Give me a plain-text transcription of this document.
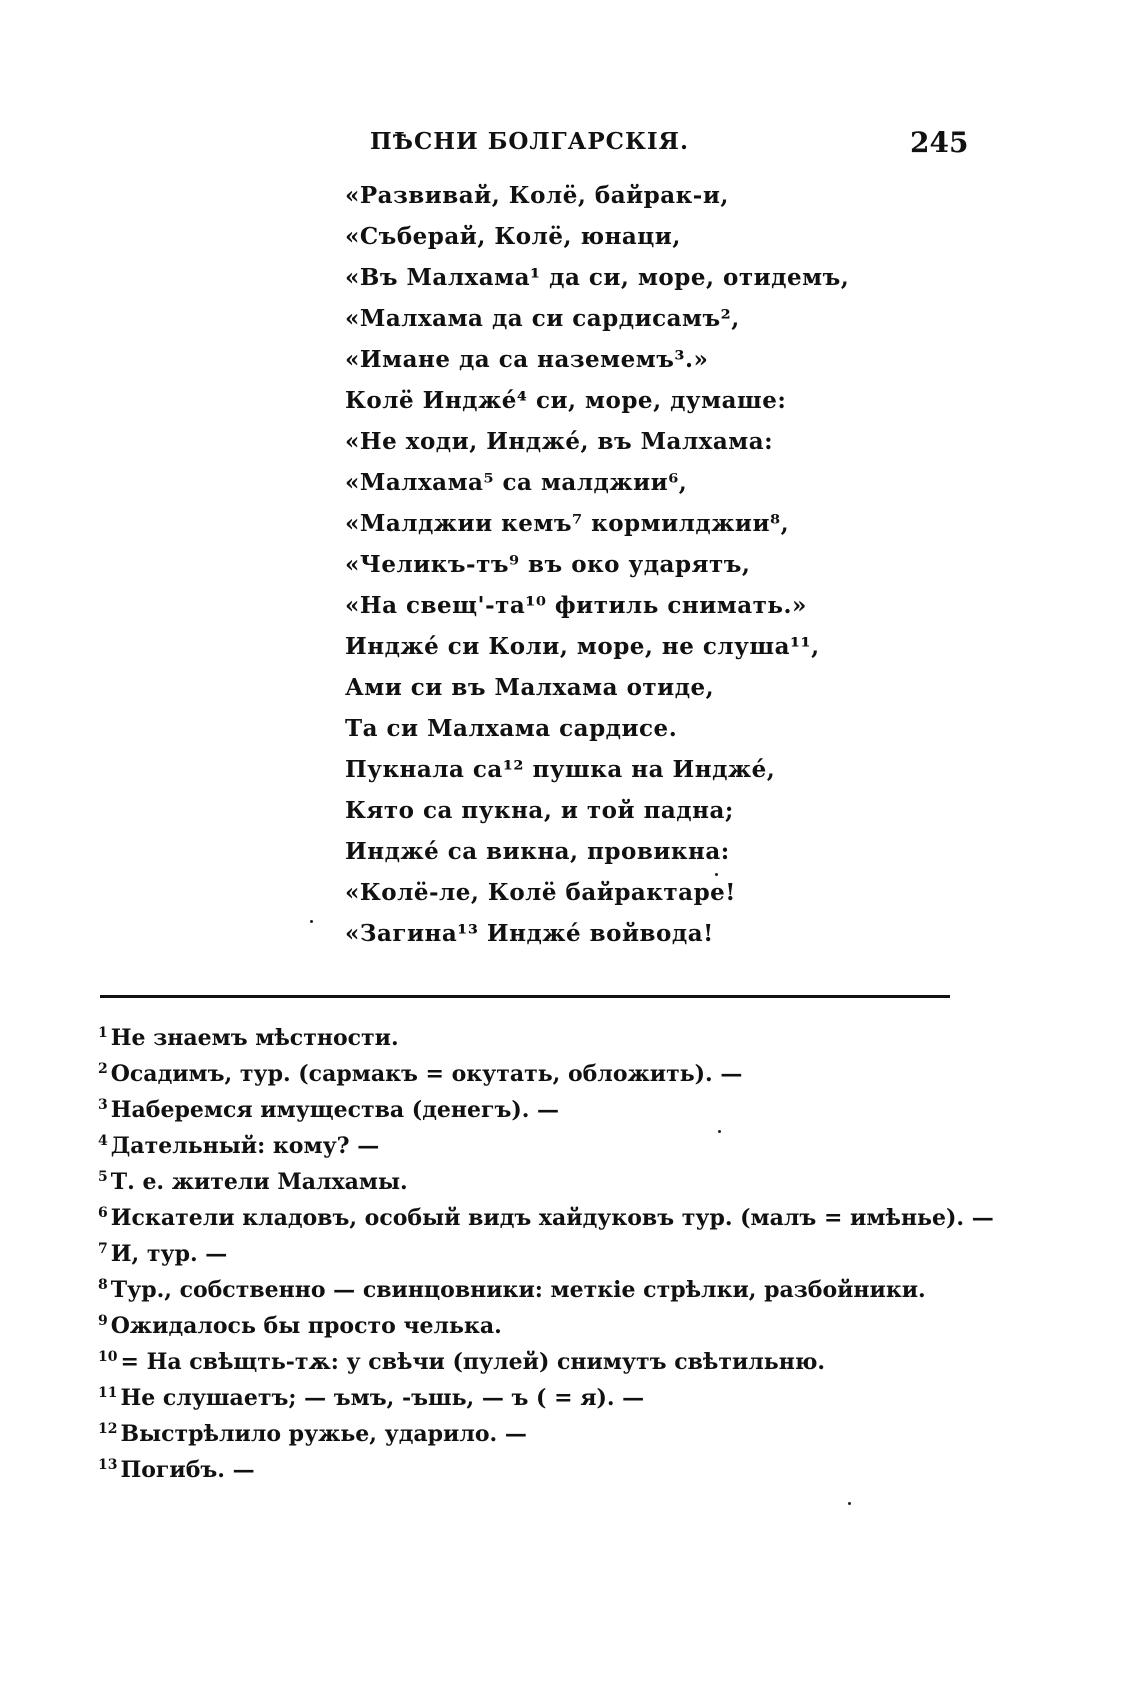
ПѢСНИ БОЛГАРСКІЯ.	245
«Развивай, Колё, байрак-и,
«Съберай, Колё, юнаци,
«Въ Малхама¹ да си, море, отидемъ,
«Малхама да си сардисамъ²,
«Имане да са наземемъ³.»
Колё Инджé⁴ си, море, думаше:
«Не ходи, Инджé, въ Малхама:
«Малхама⁵ са малджии⁶,
«Малджии кемъ⁷ кормилджии⁸,
«Челикъ-тъ⁹ въ око ударятъ,
«На свещ'-та¹⁰ фитиль снимать.»
Инджé си Коли, море, не слуша¹¹,
Ами си въ Малхама отиде,
Та си Малхама сардисе.
Пукнала са¹² пушка на Инджé,
Кято са пукна, и той падна;
Инджé са викна, провикна:
«Колё-ле, Колё байрактаре!
«Загина¹³ Инджé войвода!
$^1$ Не знаемъ мѣстности.
$^2$ Осадимъ, тур. (сармакъ = окутать, обложить). —
$^3$ Наберемся имущества (денегъ). —
$^4$ Дательный: кому? —
$^5$ Т. е. жители Малхамы.
$^6$ Искатели кладовъ, особый видъ хайдуковъ тур. (малъ = имѣнье). —
$^7$ И, тур. —
$^8$ Тур., собственно — свинцовники: меткіе стрѣлки, разбойники.
$^9$ Ожидалось бы просто челька.
$^{10}$ = На свѣщть-тѫ: у свѣчи (пулей) снимутъ свѣтильню.
$^{11}$ Не слушаетъ; — ъмъ, -ъшь, — ъ ( = я). —
$^{12}$ Выстрѣлило ружье, ударило. —
$^{13}$ Погибъ. —
